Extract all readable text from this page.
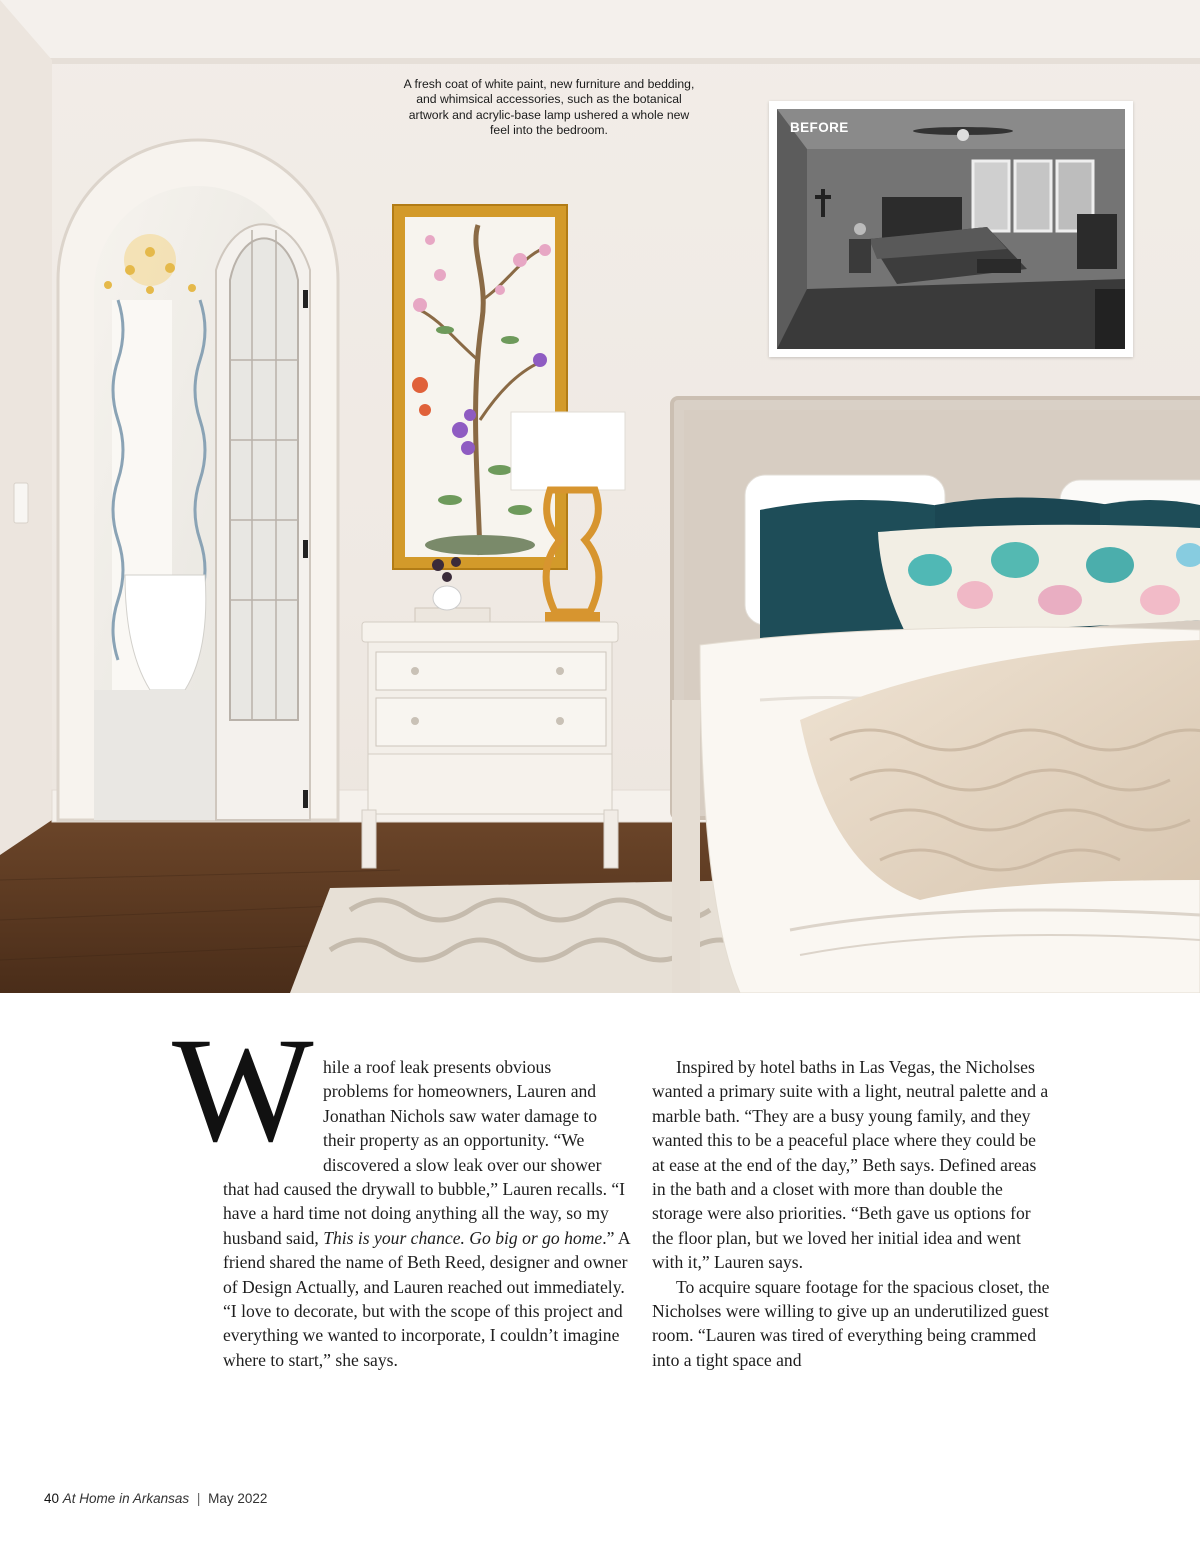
A fresh coat of white paint, new furniture and bedding, and whimsical accessories, such as the botanical artwork and acrylic-base lamp ushered a whole new feel into the bedroom.	BEFORE
W hile a roof leak presents obvious
problems for homeowners, Lauren and
Jonathan Nichols saw water damage to
their property as an opportunity. “We
discovered a slow leak over our shower
that had caused the drywall to bubble,” Lauren recalls. “I have a hard time not doing anything all the way, so my husband said, This is your chance. Go big or go home.” A friend shared the name of Beth Reed, designer and owner of Design Actually, and Lauren reached out immediately. “I love to decorate, but with the scope of this project and everything we wanted to incorporate, I couldn’t imagine where to start,” she says.

Inspired by hotel baths in Las Vegas, the Nicholses wanted a primary suite with a light, neutral palette and a marble bath. “They are a busy young family, and they wanted this to be a peaceful place where they could be at ease at the end of the day,” Beth says. Defined areas in the bath and a closet with more than double the storage were also priorities. “Beth gave us options for the floor plan, but we loved her initial idea and went with it,” Lauren says.

To acquire square footage for the spacious closet, the Nicholses were willing to give up an underutilized guest room. “Lauren was tired of everything being crammed into a tight space and

40 At Home in Arkansas | May 2022
